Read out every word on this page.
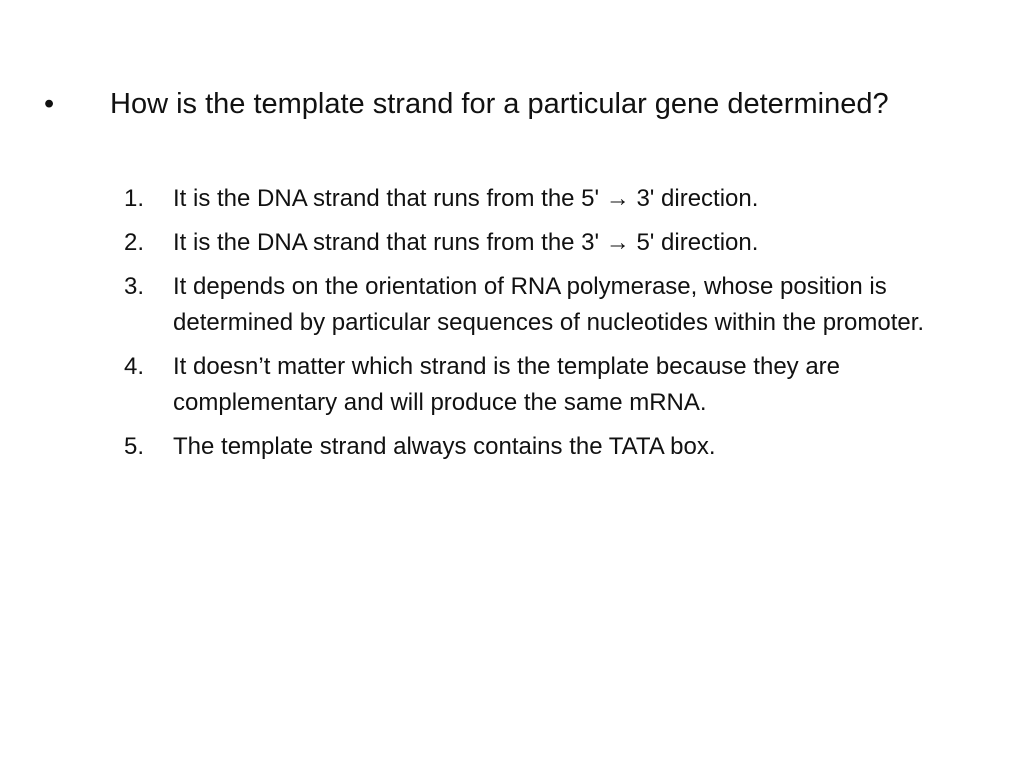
•	How is the template strand for a particular gene determined?
1.	It is the DNA strand that runs from the 5' → 3' direction.
2.	It is the DNA strand that runs from the 3' → 5' direction.
3.	It depends on the orientation of RNA polymerase, whose position is determined by particular sequences of nucleotides within the promoter.
4.	It doesn’t matter which strand is the template because they are complementary and will produce the same mRNA.
5.	The template strand always contains the TATA box.
